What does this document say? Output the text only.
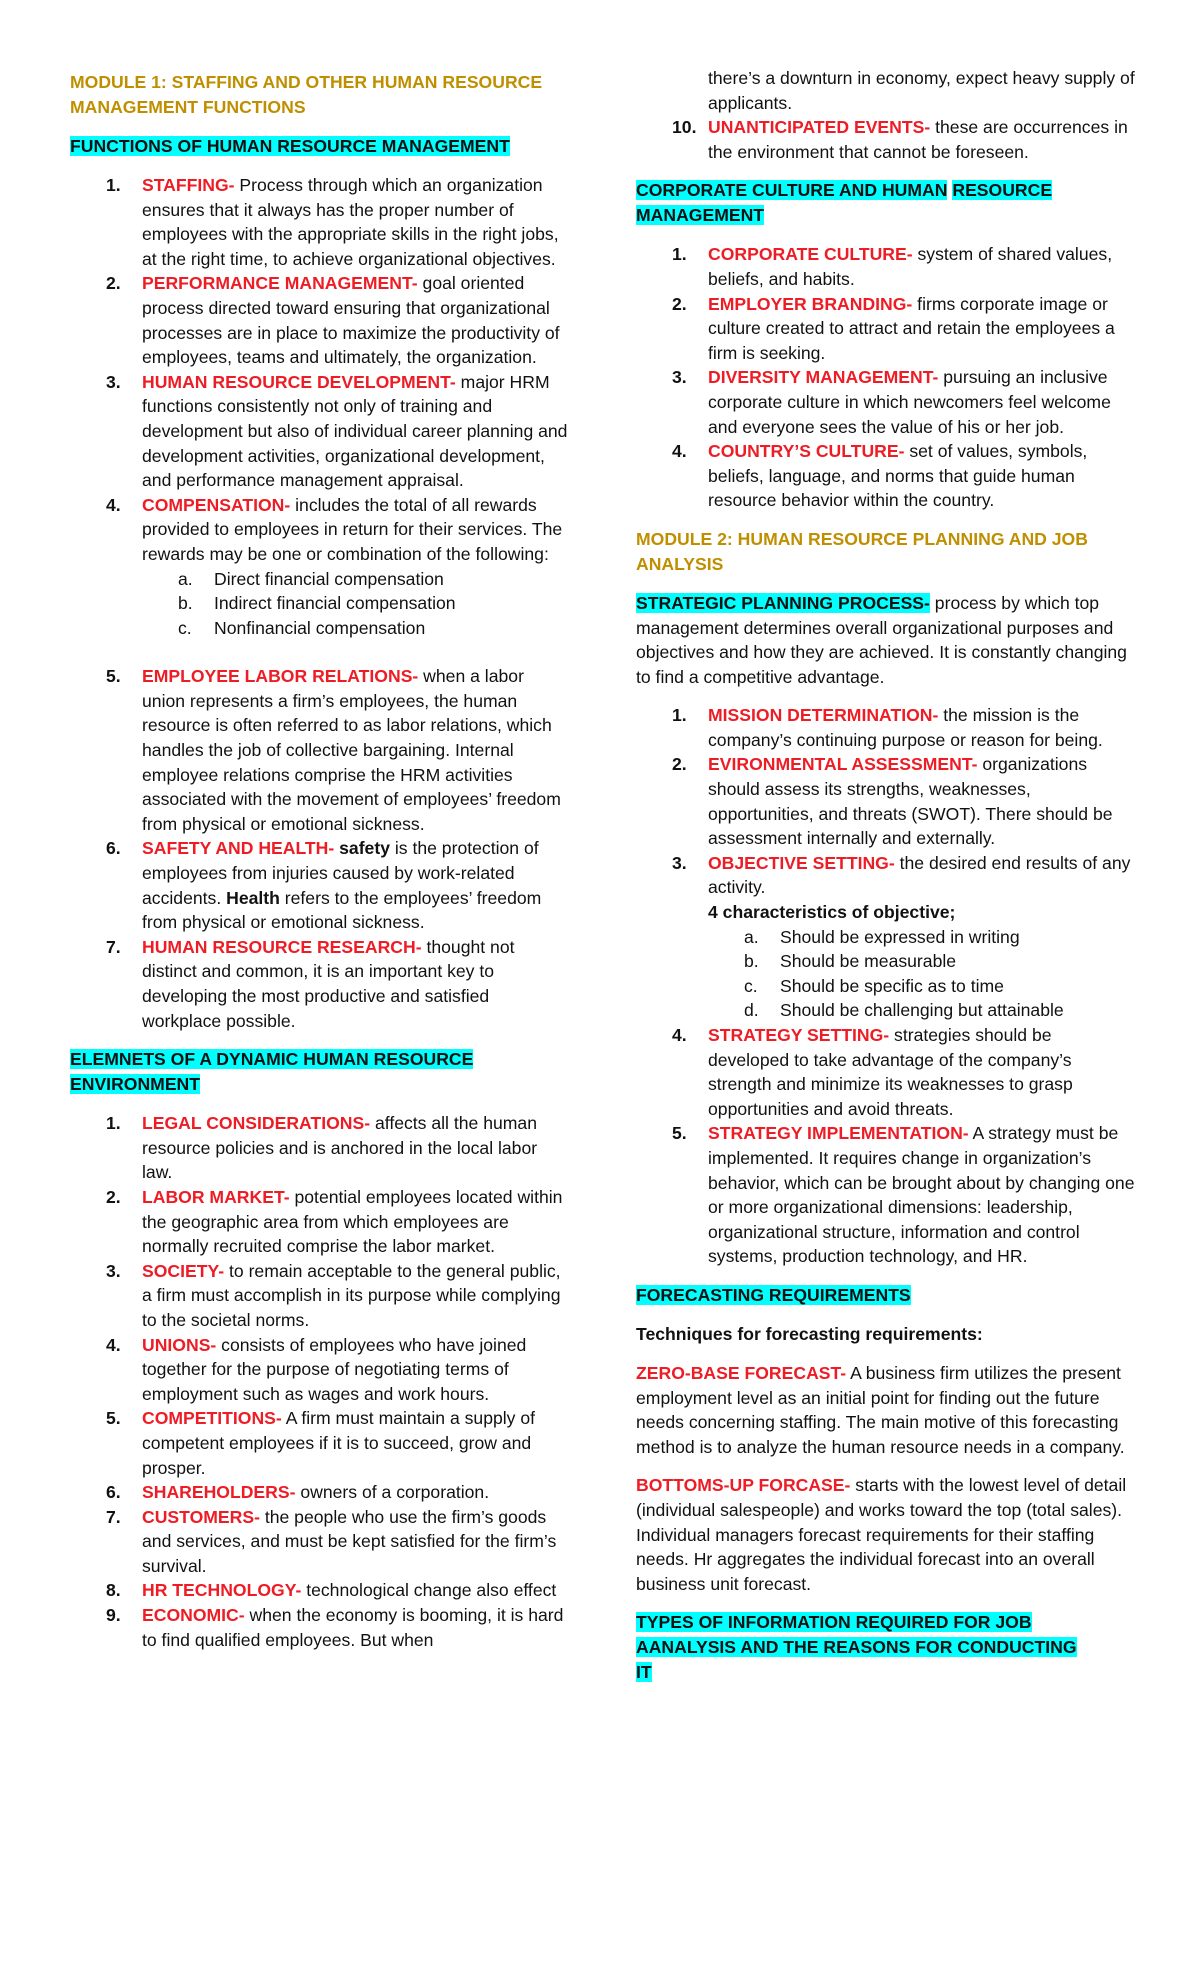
MODULE 1: STAFFING AND OTHER HUMAN RESOURCE MANAGEMENT FUNCTIONS

FUNCTIONS OF HUMAN RESOURCE MANAGEMENT

1. STAFFING- Process through which an organization ensures that it always has the proper number of employees with the appropriate skills in the right jobs, at the right time, to achieve organizational objectives.
2. PERFORMANCE MANAGEMENT- goal oriented process directed toward ensuring that organizational processes are in place to maximize the productivity of employees, teams and ultimately, the organization.
3. HUMAN RESOURCE DEVELOPMENT- major HRM functions consistently not only of training and development but also of individual career planning and development activities, organizational development, and performance management appraisal.
4. COMPENSATION- includes the total of all rewards provided to employees in return for their services. The rewards may be one or combination of the following:
a. Direct financial compensation
b. Indirect financial compensation
c. Nonfinancial compensation
5. EMPLOYEE LABOR RELATIONS- when a labor union represents a firm’s employees, the human resource is often referred to as labor relations, which handles the job of collective bargaining. Internal employee relations comprise the HRM activities associated with the movement of employees’ freedom from physical or emotional sickness.
6. SAFETY AND HEALTH- safety is the protection of employees from injuries caused by work-related accidents. Health refers to the employees’ freedom from physical or emotional sickness.
7. HUMAN RESOURCE RESEARCH- thought not distinct and common, it is an important key to developing the most productive and satisfied workplace possible.

ELEMNETS OF A DYNAMIC HUMAN RESOURCE
ENVIRONMENT

1. LEGAL CONSIDERATIONS- affects all the human resource policies and is anchored in the local labor law.
2. LABOR MARKET- potential employees located within the geographic area from which employees are normally recruited comprise the labor market.
3. SOCIETY- to remain acceptable to the general public, a firm must accomplish in its purpose while complying to the societal norms.
4. UNIONS- consists of employees who have joined together for the purpose of negotiating terms of employment such as wages and work hours.
5. COMPETITIONS- A firm must maintain a supply of competent employees if it is to succeed, grow and prosper.
6. SHAREHOLDERS- owners of a corporation.
7. CUSTOMERS- the people who use the firm’s goods and services, and must be kept satisfied for the firm’s survival.
8. HR TECHNOLOGY- technological change also effect
9. ECONOMIC- when the economy is booming, it is hard to find qualified employees. But when
there’s a downturn in economy, expect heavy supply of applicants.
10. UNANTICIPATED EVENTS- these are occurrences in the environment that cannot be foreseen.

CORPORATE CULTURE AND HUMAN RESOURCE
MANAGEMENT

1. CORPORATE CULTURE- system of shared values, beliefs, and habits.
2. EMPLOYER BRANDING- firms corporate image or culture created to attract and retain the employees a firm is seeking.
3. DIVERSITY MANAGEMENT- pursuing an inclusive corporate culture in which newcomers feel welcome and everyone sees the value of his or her job.
4. COUNTRY’S CULTURE- set of values, symbols, beliefs, language, and norms that guide human resource behavior within the country.

MODULE 2: HUMAN RESOURCE PLANNING AND JOB ANALYSIS

STRATEGIC PLANNING PROCESS- process by which top management determines overall organizational purposes and objectives and how they are achieved. It is constantly changing to find a competitive advantage.

1. MISSION DETERMINATION- the mission is the company’s continuing purpose or reason for being.
2. EVIRONMENTAL ASSESSMENT- organizations should assess its strengths, weaknesses, opportunities, and threats (SWOT). There should be assessment internally and externally.
3. OBJECTIVE SETTING- the desired end results of any activity.
4 characteristics of objective;
a. Should be expressed in writing
b. Should be measurable
c. Should be specific as to time
d. Should be challenging but attainable
4. STRATEGY SETTING- strategies should be developed to take advantage of the company’s strength and minimize its weaknesses to grasp opportunities and avoid threats.
5. STRATEGY IMPLEMENTATION- A strategy must be implemented. It requires change in organization’s behavior, which can be brought about by changing one or more organizational dimensions: leadership, organizational structure, information and control systems, production technology, and HR.

FORECASTING REQUIREMENTS

Techniques for forecasting requirements:

ZERO-BASE FORECAST- A business firm utilizes the present employment level as an initial point for finding out the future needs concerning staffing. The main motive of this forecasting method is to analyze the human resource needs in a company.

BOTTOMS-UP FORCASE- starts with the lowest level of detail (individual salespeople) and works toward the top (total sales). Individual managers forecast requirements for their staffing needs. Hr aggregates the individual forecast into an overall business unit forecast.

TYPES OF INFORMATION REQUIRED FOR JOB
AANALYSIS AND THE REASONS FOR CONDUCTING
IT
